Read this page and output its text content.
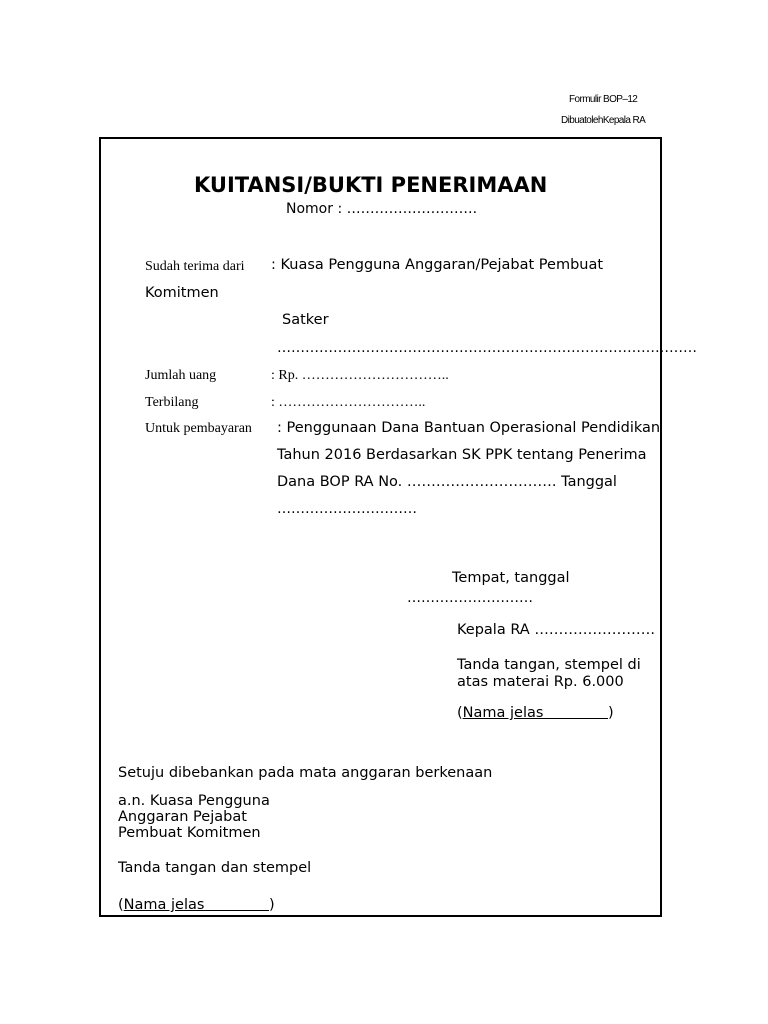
Formulir BOP–12
DibuatolehKepala RA
KUITANSI/BUKTI PENERIMAAN
Nomor : ……………………….
Sudah terima dari : Kuasa Pengguna Anggaran/Pejabat Pembuat
Komitmen
Satker
………………………………………………………………………………
Jumlah uang	: Rp. …………………………..
Terbilang	: …………………………..
Untuk pembayaran : Penggunaan Dana Bantuan Operasional Pendidikan
Tahun 2016 Berdasarkan SK PPK tentang Penerima
Dana BOP RA No. …………………………. Tanggal
…………………………
Tempat, tanggal
………………………
Kepala RA …………………….
Tanda tangan, stempel di
atas materai Rp. 6.000
(Nama jelas              )
Setuju dibebankan pada mata anggaran berkenaan
a.n. Kuasa Pengguna
Anggaran Pejabat
Pembuat Komitmen
Tanda tangan dan stempel
(Nama jelas              )
